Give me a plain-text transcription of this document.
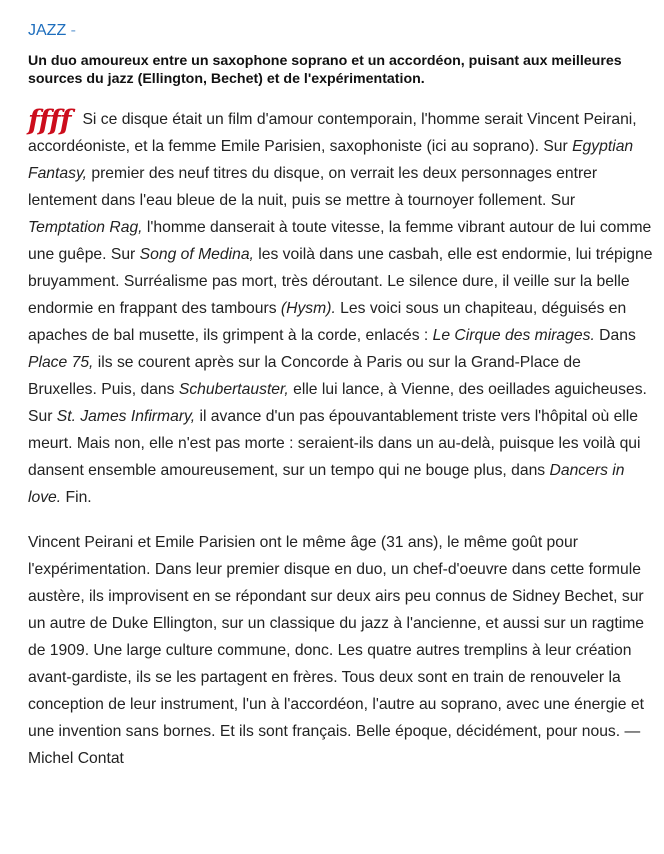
JAZZ -

Un duo amoureux entre un saxophone soprano et un accordéon, puisant aux meilleures sources du jazz (Ellington, Bechet) et de l'expérimentation.

ffff Si ce disque était un film d'amour contemporain, l'homme serait Vincent Peirani, accordéoniste, et la femme Emile Parisien, saxophoniste (ici au soprano). Sur Egyptian Fantasy, premier des neuf titres du disque, on verrait les deux personnages entrer lentement dans l'eau bleue de la nuit, puis se mettre à tournoyer follement. Sur Temptation Rag, l'homme danserait à toute vitesse, la femme vibrant autour de lui comme une guêpe. Sur Song of Medina, les voilà dans une casbah, elle est endormie, lui trépigne bruyamment. Surréalisme pas mort, très déroutant. Le silence dure, il veille sur la belle endormie en frappant des tambours (Hysm). Les voici sous un chapiteau, déguisés en apaches de bal musette, ils grimpent à la corde, enlacés : Le Cirque des mirages. Dans Place 75, ils se courent après sur la Concorde à Paris ou sur la Grand-Place de Bruxelles. Puis, dans Schubertauster, elle lui lance, à Vienne, des oeillades aguicheuses. Sur St. James Infirmary, il avance d'un pas épouvantablement triste vers l'hôpital où elle meurt. Mais non, elle n'est pas morte : seraient-ils dans un au-delà, puisque les voilà qui dansent ensemble amoureusement, sur un tempo qui ne bouge plus, dans Dancers in love. Fin.

Vincent Peirani et Emile Parisien ont le même âge (31 ans), le même goût pour l'expérimentation. Dans leur premier disque en duo, un chef-d'oeuvre dans cette formule austère, ils improvisent en se répondant sur deux airs peu connus de Sidney Bechet, sur un autre de Duke Ellington, sur un classique du jazz à l'ancienne, et aussi sur un ragtime de 1909. Une large culture commune, donc. Les quatre autres tremplins à leur création avant-gardiste, ils se les partagent en frères. Tous deux sont en train de renouveler la conception de leur instrument, l'un à l'accordéon, l'autre au soprano, avec une énergie et une invention sans bornes. Et ils sont français. Belle époque, décidément, pour nous. — Michel Contat
